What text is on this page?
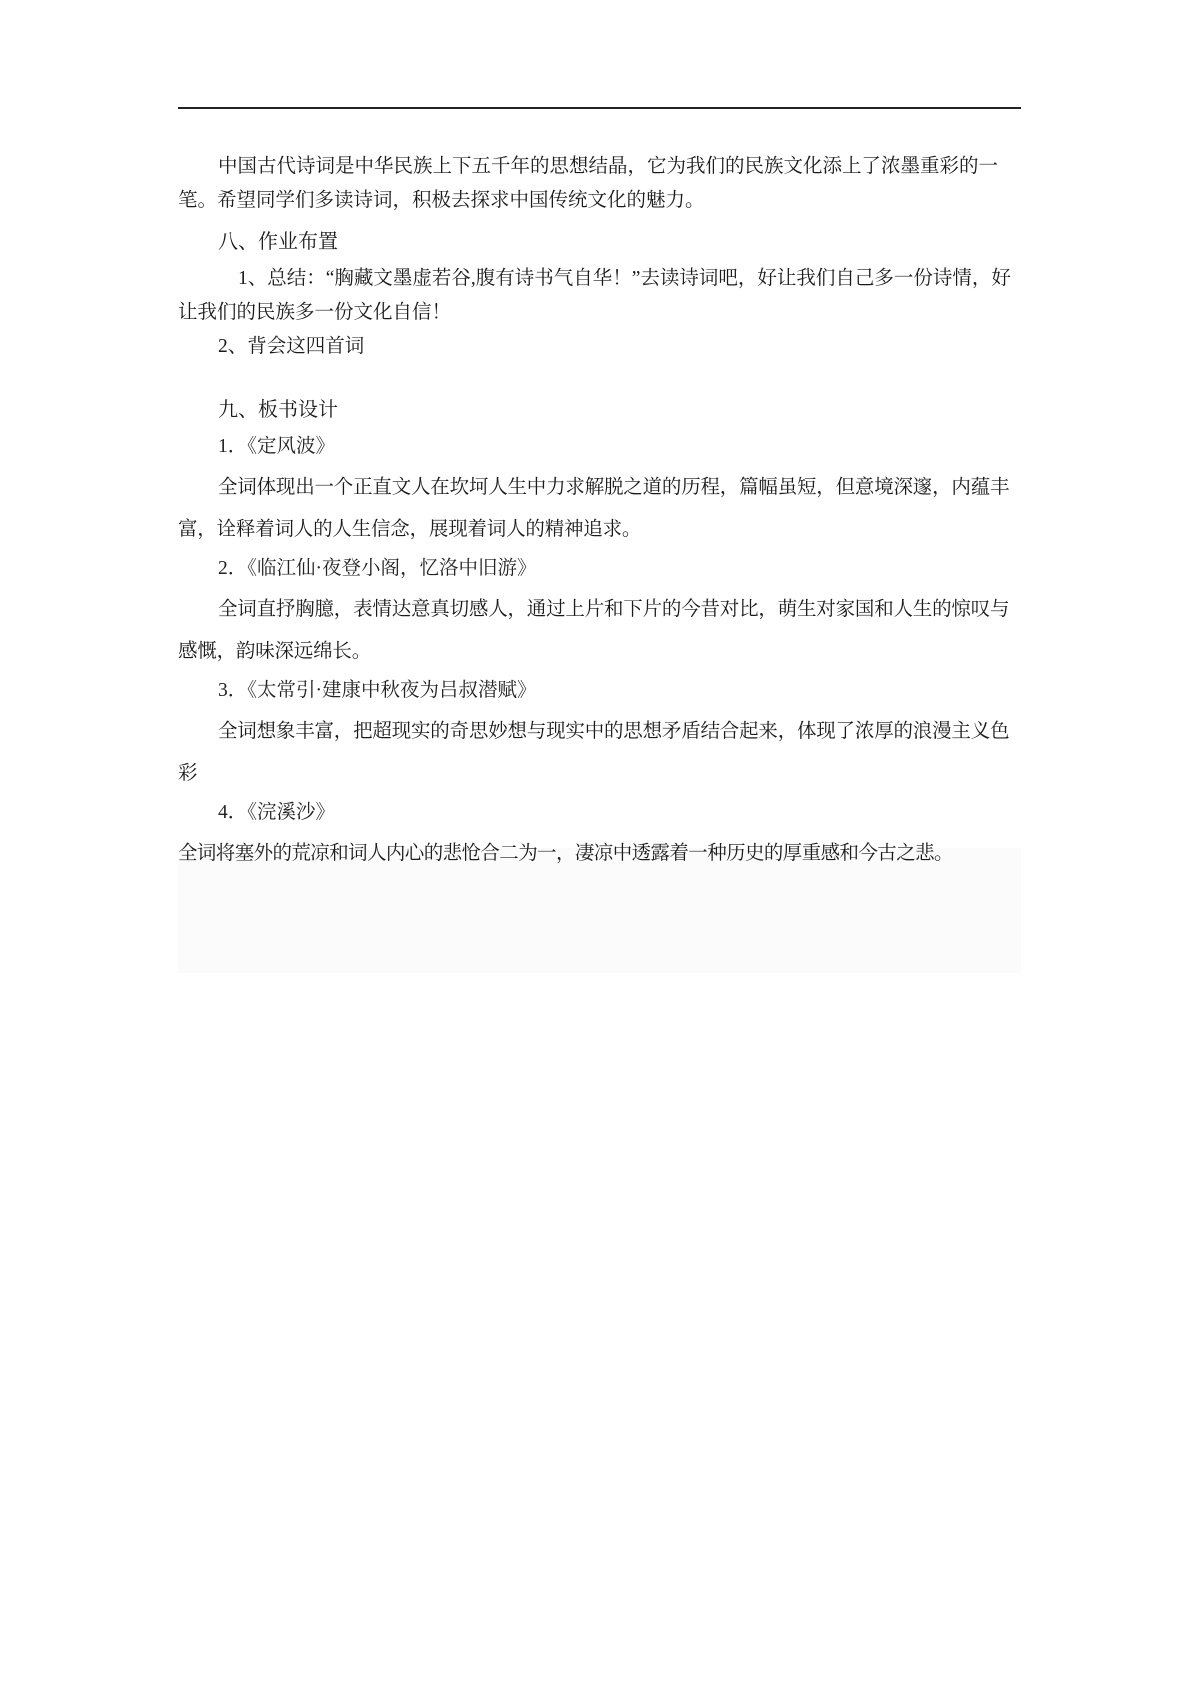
中国古代诗词是中华民族上下五千年的思想结晶，它为我们的民族文化添上了浓墨重彩的一笔。希望同学们多读诗词，积极去探求中国传统文化的魅力。

八、作业布置

1、总结：“胸藏文墨虚若谷,腹有诗书气自华！”去读诗词吧，好让我们自己多一份诗情，好让我们的民族多一份文化自信！

2、背会这四首词

九、板书设计
1．《定风波》

全词体现出一个正直文人在坎坷人生中力求解脱之道的历程，篇幅虽短，但意境深邃，内蕴丰富，诠释着词人的人生信念，展现着词人的精神追求。

2．《临江仙·夜登小阁，忆洛中旧游》

全词直抒胸臆，表情达意真切感人，通过上片和下片的今昔对比，萌生对家国和人生的惊叹与感慨，韵味深远绵长。

3．《太常引·建康中秋夜为吕叔潜赋》

全词想象丰富，把超现实的奇思妙想与现实中的思想矛盾结合起来，体现了浓厚的浪漫主义色彩

4．《浣溪沙》

全词将塞外的荒凉和词人内心的悲怆合二为一，凄凉中透露着一种历史的厚重感和今古之悲。
